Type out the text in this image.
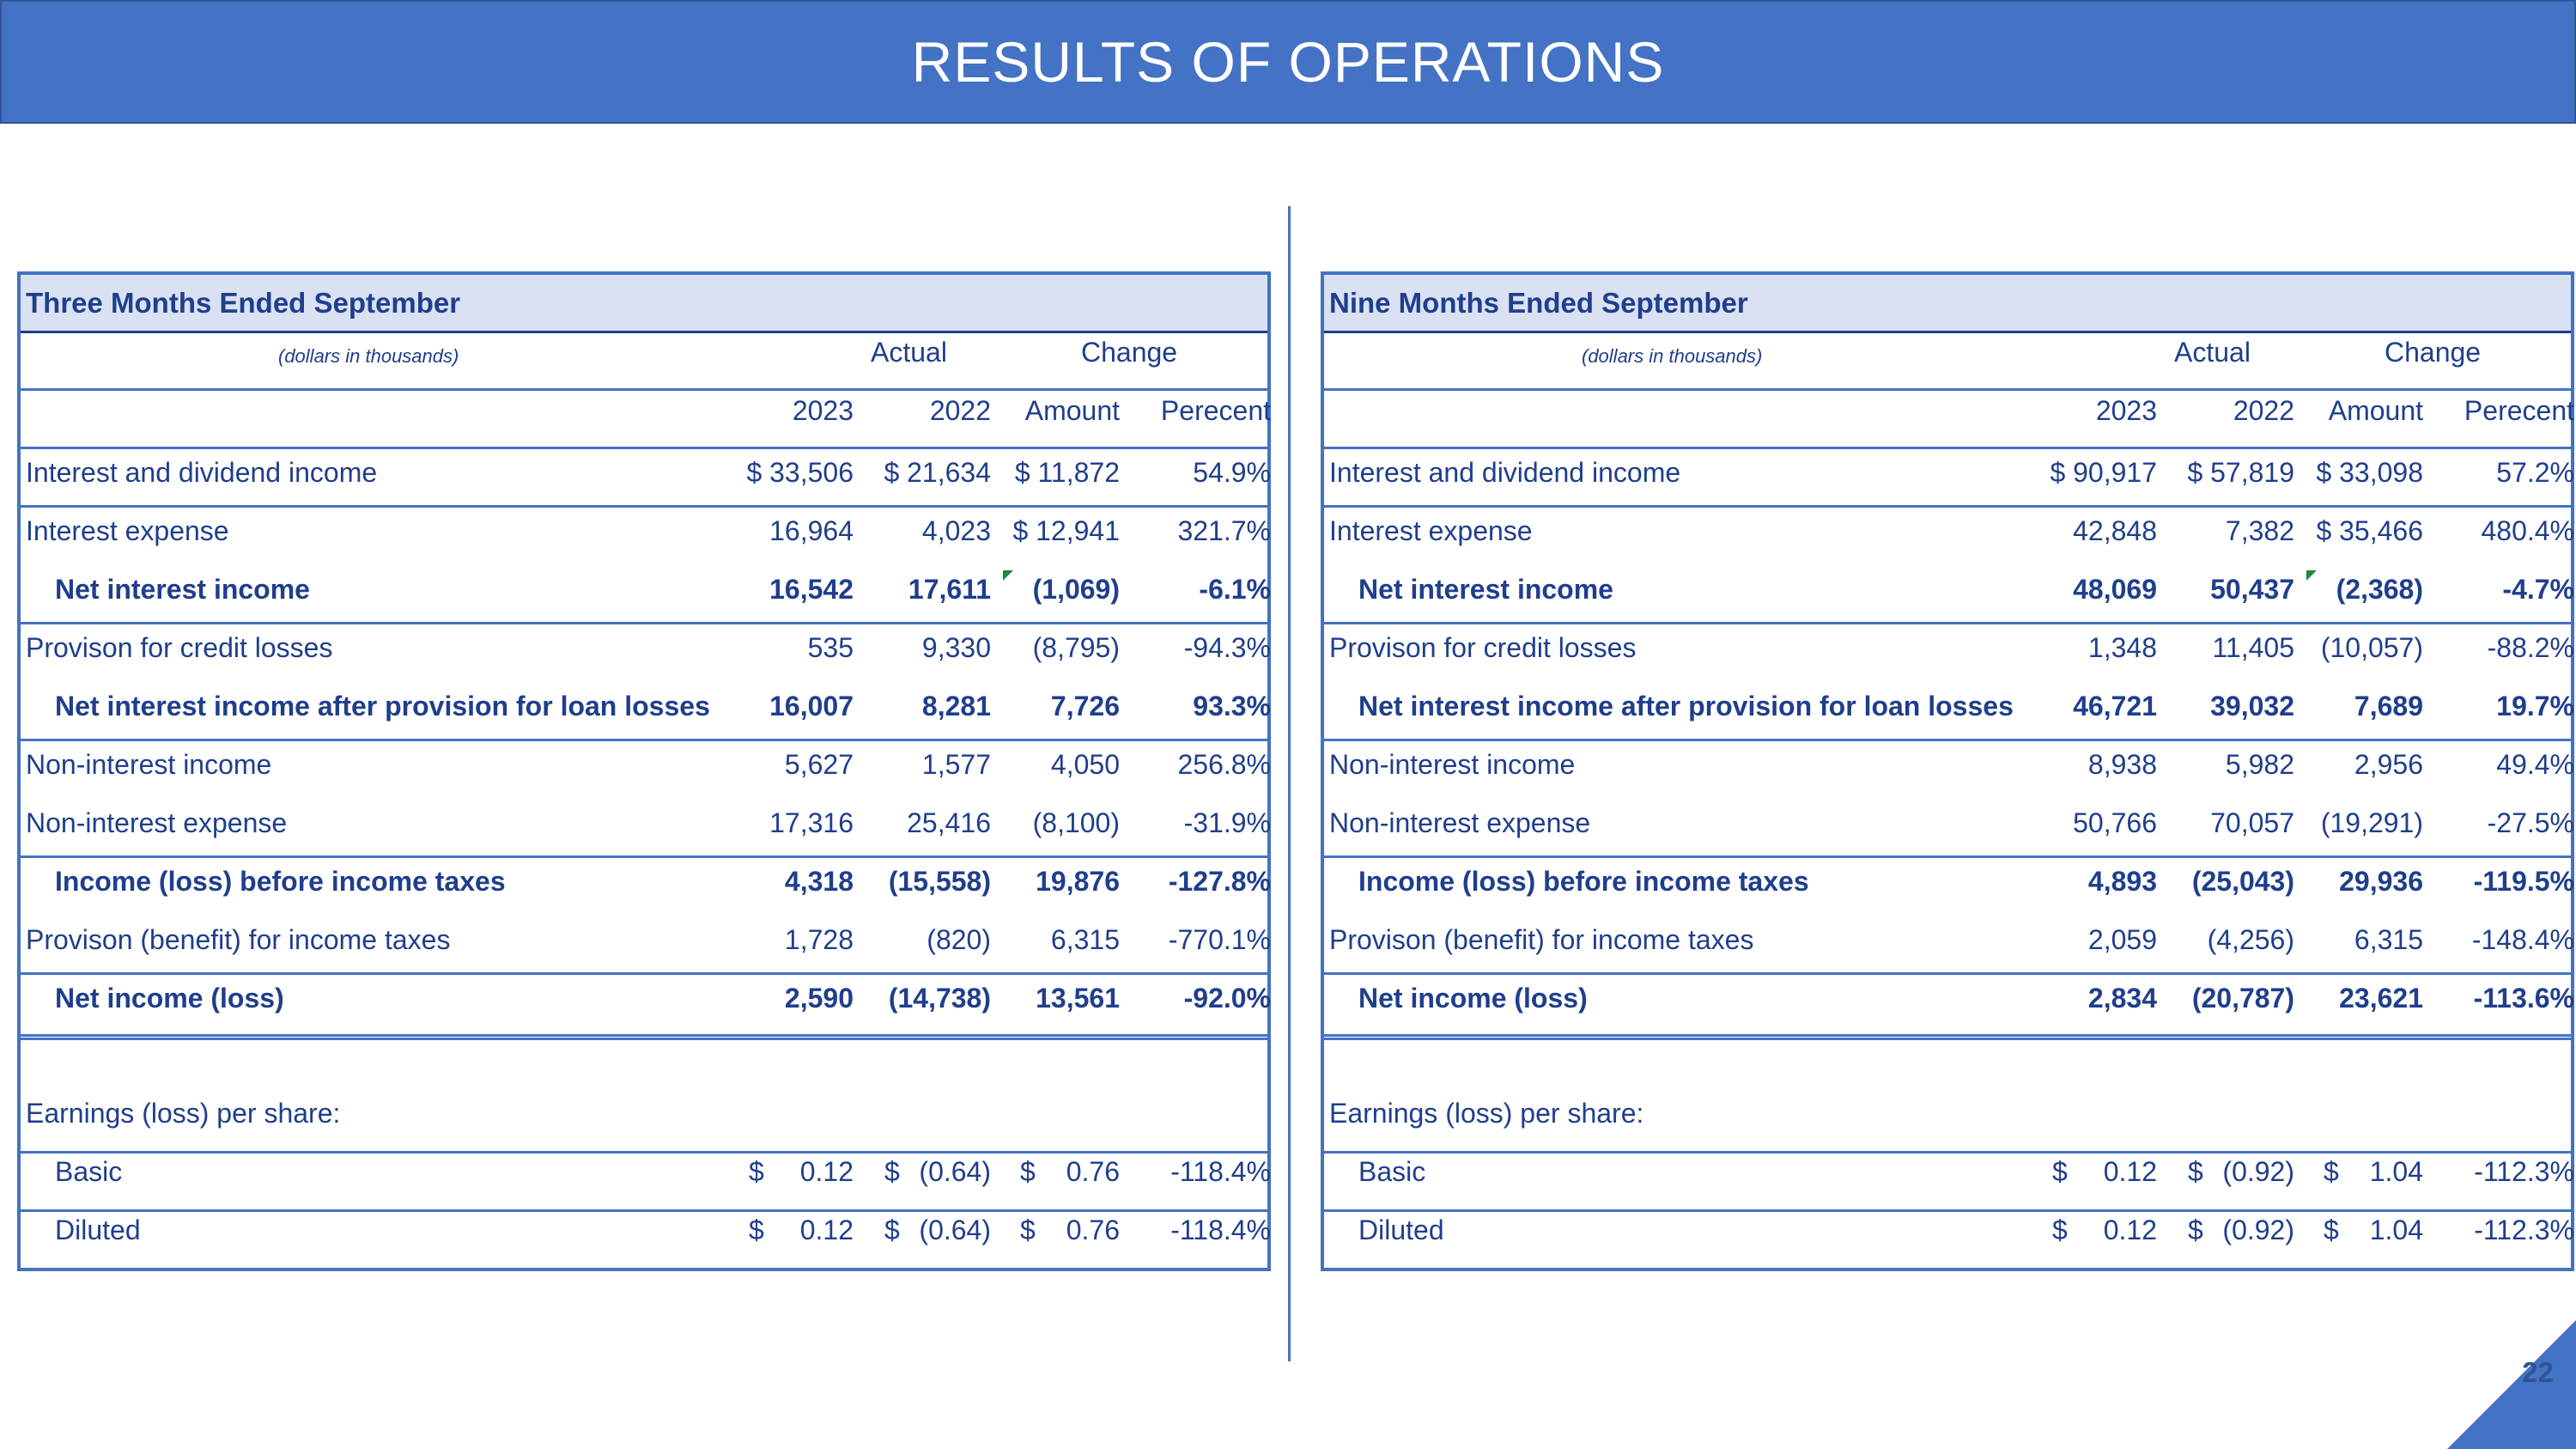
RESULTS OF OPERATIONS
Three Months Ended September
(dollars in thousands)	Actual	Change
2023	2022 Amount Perecent
Interest and dividend income	$ 33,506 $ 21,634 $ 11,872	54.9%
Interest expense	16,964 4,023 $ 12,941 321.7%
Net interest income	16,542 17,611 (1,069)	-6.1%
Provison for credit losses	535 9,330 (8,795) -94.3%
Net interest income after provision for loan losses 16,007 8,281 7,726	93.3%
Non-interest income	5,627 1,577 4,050 256.8%
Non-interest expense	17,316 25,416 (8,100) -31.9%
Income (loss) before income taxes	4,318 (15,558) 19,876 -127.8%
Provison (benefit) for income taxes	1,728	(820) 6,315 -770.1%
Net income (loss)	2,590 (14,738) 13,561 -92.0%
Earnings (loss) per share:
Basic	$ 0.12 $ (0.64) $ 0.76 -118.4%
Diluted	$ 0.12 $ (0.64) $ 0.76 -118.4%
Nine Months Ended September
(dollars in thousands)	Actual	Change
2023	2022 Amount Perecent
Interest and dividend income	$ 90,917 $ 57,819 $ 33,098	57.2%
Interest expense	42,848 7,382 $ 35,466 480.4%
Net interest income	48,069 50,437 (2,368)	-4.7%
Provison for credit losses	1,348 11,405 (10,057) -88.2%
Net interest income after provision for loan losses 46,721 39,032 7,689	19.7%
Non-interest income	8,938 5,982 2,956	49.4%
Non-interest expense	50,766 70,057 (19,291) -27.5%
Income (loss) before income taxes	4,893 (25,043) 29,936 -119.5%
Provison (benefit) for income taxes	2,059 (4,256) 6,315 -148.4%
Net income (loss)	2,834 (20,787) 23,621 -113.6%
Earnings (loss) per share:
Basic	$ 0.12 $ (0.92) $ 1.04 -112.3%
Diluted	$ 0.12 $ (0.92) $ 1.04 -112.3%
22
